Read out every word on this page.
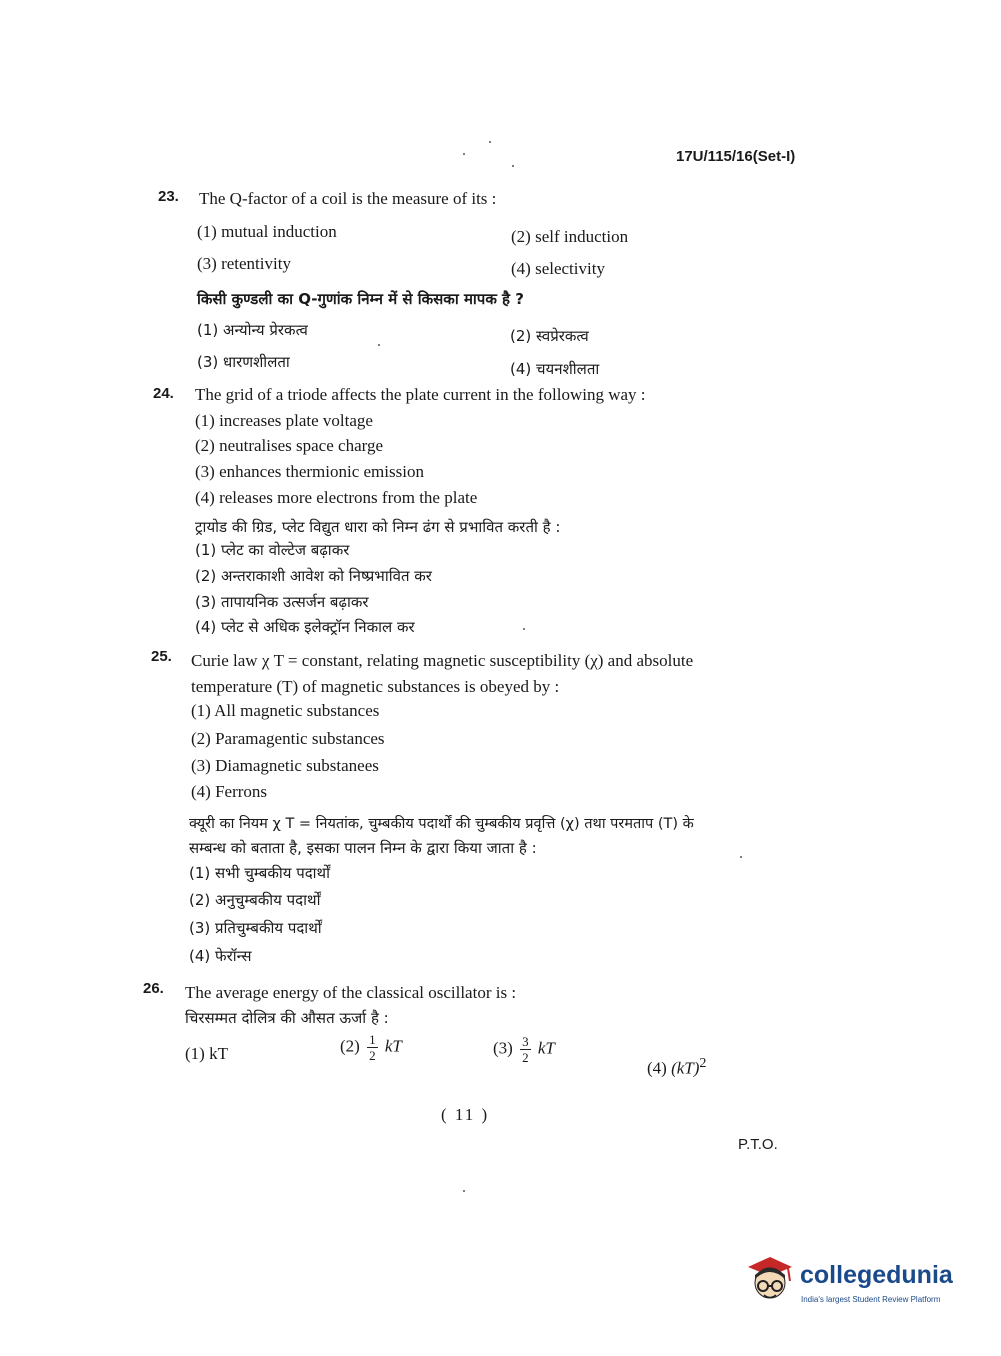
17U/115/16(Set-I)
23. The Q-factor of a coil is the measure of its :
(1) mutual induction	(2) self induction
(3) retentivity	(4) selectivity
किसी कुण्डली का Q-गुणांक निम्न में से किसका मापक है ?
(1) अन्योन्य प्रेरकत्व	(2) स्वप्रेरकत्व
(3) धारणशीलता	(4) चयनशीलता
24. The grid of a triode affects the plate current in the following way :
(1) increases plate voltage
(2) neutralises space charge
(3) enhances thermionic emission
(4) releases more electrons from the plate
ट्रायोड की ग्रिड, प्लेट विद्युत धारा को निम्न ढंग से प्रभावित करती है :
(1) प्लेट का वोल्टेज बढ़ाकर
(2) अन्तराकाशी आवेश को निष्प्रभावित कर
(3) तापायनिक उत्सर्जन बढ़ाकर
(4) प्लेट से अधिक इलेक्ट्रॉन निकाल कर
25. Curie law χ T = constant, relating magnetic susceptibility (χ) and absolute
temperature (T) of magnetic substances is obeyed by :
(1) All magnetic substances
(2) Paramagentic substances
(3) Diamagnetic substanees
(4) Ferrons
क्यूरी का नियम χ T = नियतांक, चुम्बकीय पदार्थों की चुम्बकीय प्रवृत्ति (χ) तथा परमताप (T) के
सम्बन्ध को बताता है, इसका पालन निम्न के द्वारा किया जाता है :
(1) सभी चुम्बकीय पदार्थों
(2) अनुचुम्बकीय पदार्थों
(3) प्रतिचुम्बकीय पदार्थों
(4) फेरॉन्स
26. The average energy of the classical oscillator is :
चिरसम्मत दोलित्र की औसत ऊर्जा है :
(1) kT	$(2) \frac{1}{2}$ kT	$(3) \frac{3}{2}$ kT
(4) (kT)$^2$
( 11 )
P.T.O.
collegedunia
India's largest Student Review Platform
